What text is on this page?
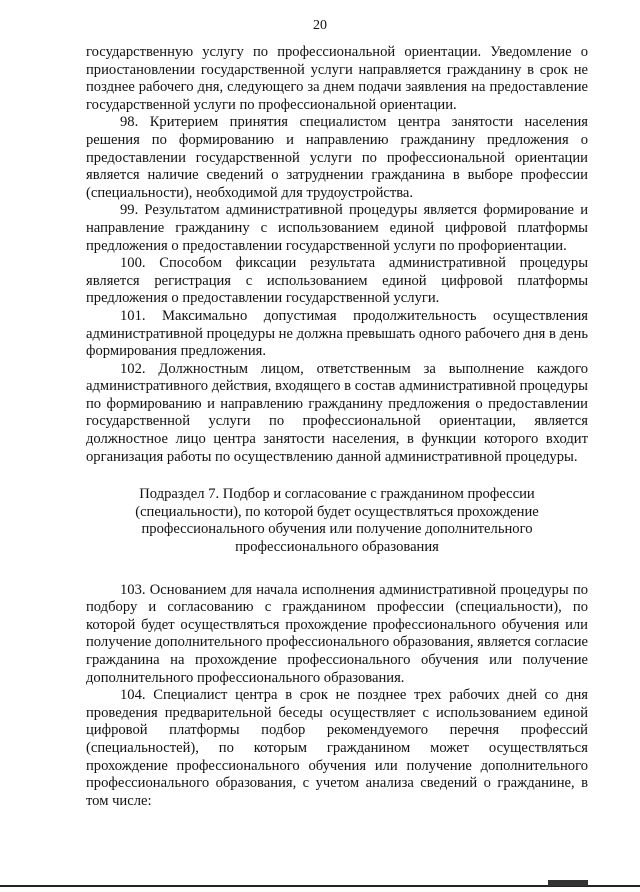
20

государственную услугу по профессиональной ориентации. Уведомление о приостановлении государственной услуги направляется гражданину в срок не позднее рабочего дня, следующего за днем подачи заявления на предоставление государственной услуги по профессиональной ориентации.

98. Критерием принятия специалистом центра занятости населения решения по формированию и направлению гражданину предложения о предоставлении государственной услуги по профессиональной ориентации является наличие сведений о затруднении гражданина в выборе профессии (специальности), необходимой для трудоустройства.

99. Результатом административной процедуры является формирование и направление гражданину с использованием единой цифровой платформы предложения о предоставлении государственной услуги по профориентации.

100. Способом фиксации результата административной процедуры является регистрация с использованием единой цифровой платформы предложения о предоставлении государственной услуги.

101. Максимально допустимая продолжительность осуществления административной процедуры не должна превышать одного рабочего дня в день формирования предложения.

102. Должностным лицом, ответственным за выполнение каждого административного действия, входящего в состав административной процедуры по формированию и направлению гражданину предложения о предоставлении государственной услуги по профессиональной ориентации, является должностное лицо центра занятости населения, в функции которого входит организация работы по осуществлению данной административной процедуры.

Подраздел 7. Подбор и согласование с гражданином профессии
(специальности), по которой будет осуществляться прохождение
профессионального обучения или получение дополнительного
профессионального образования

103. Основанием для начала исполнения административной процедуры по подбору и согласованию с гражданином профессии (специальности), по которой будет осуществляться прохождение профессионального обучения или получение дополнительного профессионального образования, является согласие гражданина на прохождение профессионального обучения или получение дополнительного профессионального образования.

104. Специалист центра в срок не позднее трех рабочих дней со дня проведения предварительной беседы осуществляет с использованием единой цифровой платформы подбор рекомендуемого перечня профессий (специальностей), по которым гражданином может осуществляться прохождение профессионального обучения или получение дополнительного профессионального образования, с учетом анализа сведений о гражданине, в том числе:
